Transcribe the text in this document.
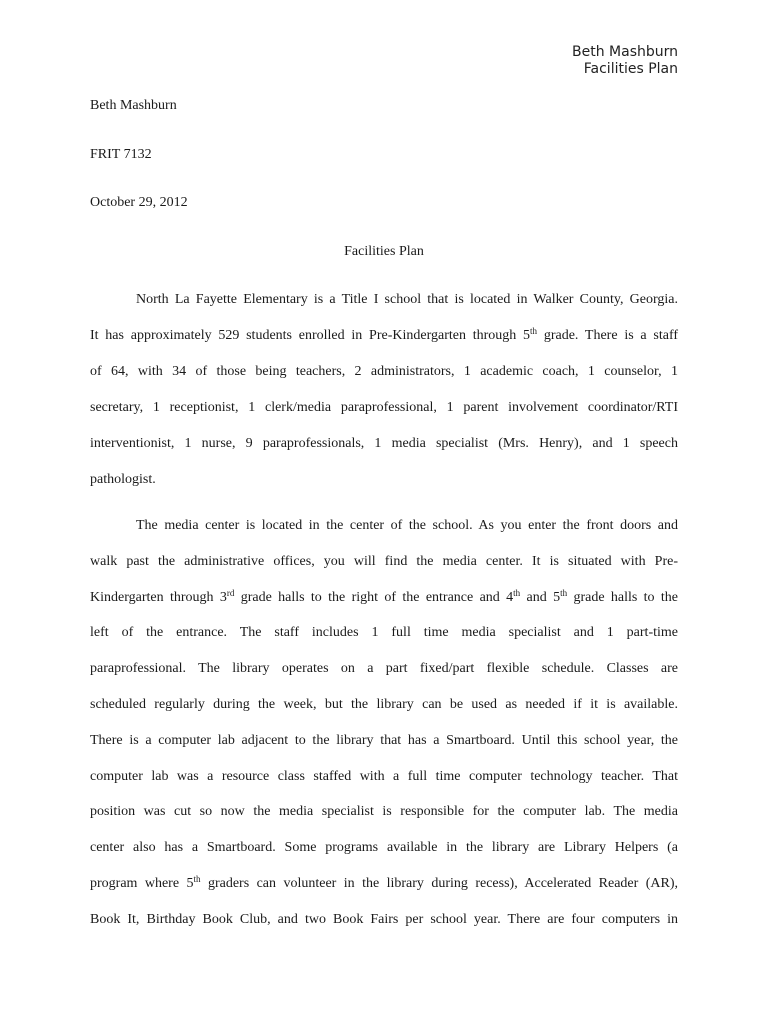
Beth Mashburn
Facilities Plan
Beth Mashburn
FRIT 7132
October 29, 2012
Facilities Plan
North La Fayette Elementary is a Title I school that is located in Walker County, Georgia.
It has approximately 529 students enrolled in Pre-Kindergarten through 5th grade. There is a staff
of 64, with 34 of those being teachers, 2 administrators, 1 academic coach, 1 counselor, 1
secretary, 1 receptionist, 1 clerk/media paraprofessional, 1 parent involvement coordinator/RTI
interventionist, 1 nurse, 9 paraprofessionals, 1 media specialist (Mrs. Henry), and 1 speech
pathologist.
The media center is located in the center of the school. As you enter the front doors and
walk past the administrative offices, you will find the media center. It is situated with Pre-
Kindergarten through 3rd grade halls to the right of the entrance and 4th and 5th grade halls to the
left of the entrance. The staff includes 1 full time media specialist and 1 part-time
paraprofessional. The library operates on a part fixed/part flexible schedule. Classes are
scheduled regularly during the week, but the library can be used as needed if it is available.
There is a computer lab adjacent to the library that has a Smartboard. Until this school year, the
computer lab was a resource class staffed with a full time computer technology teacher. That
position was cut so now the media specialist is responsible for the computer lab. The media
center also has a Smartboard. Some programs available in the library are Library Helpers (a
program where 5th graders can volunteer in the library during recess), Accelerated Reader (AR),
Book It, Birthday Book Club, and two Book Fairs per school year. There are four computers in
